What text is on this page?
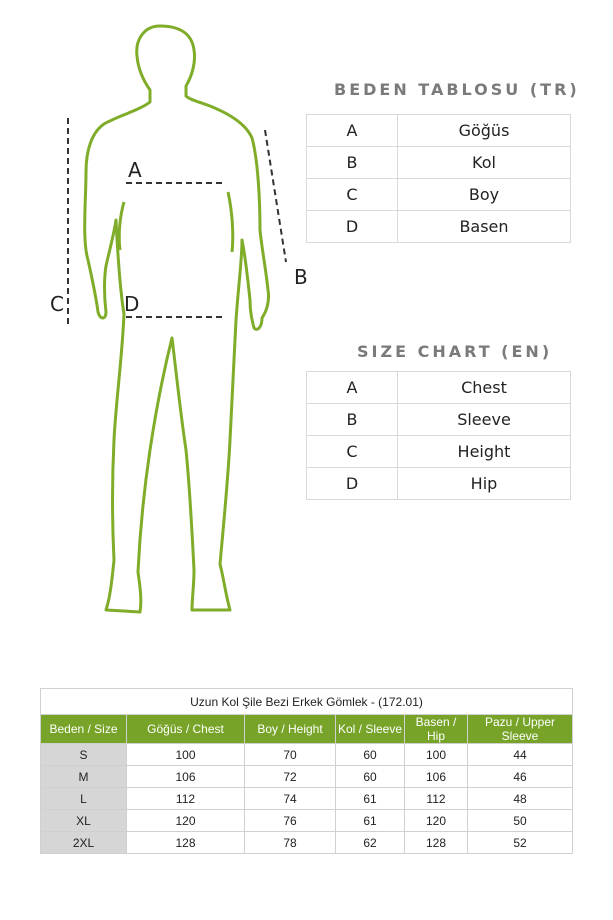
A
B
C	D
BEDEN TABLOSU (TR)
A	Göğüs
B	Kol
C	Boy
D	Basen
SIZE CHART (EN)
A	Chest
B	Sleeve
C	Height
D	Hip
Uzun Kol Şile Bezi Erkek Gömlek - (172.01)					
Beden / Size	Göğüs / Chest	Boy / Height	Kol / Sleeve	Basen / Hip	Pazu / Upper Sleeve
S	100	70	60	100	44
M	106	72	60	106	46
L	112	74	61	112	48
XL	120	76	61	120	50
2XL	128	78	62	128	52
